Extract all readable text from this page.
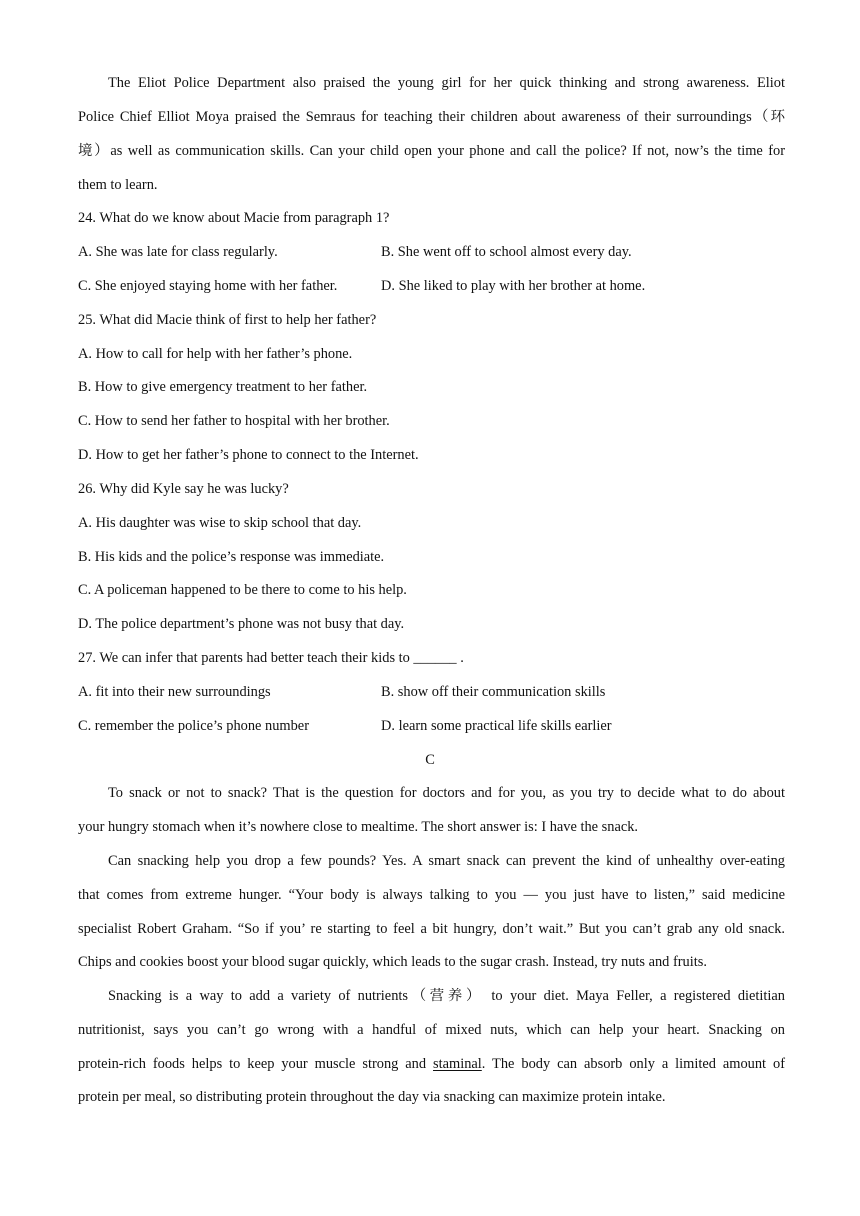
The Eliot Police Department also praised the young girl for her quick thinking and strong awareness. Eliot
Police Chief Elliot Moya praised the Semraus for teaching their children about awareness of their surroundings（环
境）as well as communication skills. Can your child open your phone and call the police? If not, now’s the time for
them to learn.
24. What do we know about Macie from paragraph 1?
A. She was late for class regularly.	B. She went off to school almost every day.
C. She enjoyed staying home with her father.	D. She liked to play with her brother at home.
25. What did Macie think of first to help her father?
A. How to call for help with her father’s phone.
B. How to give emergency treatment to her father.
C. How to send her father to hospital with her brother.
D. How to get her father’s phone to connect to the Internet.
26. Why did Kyle say he was lucky?
A. His daughter was wise to skip school that day.
B. His kids and the police’s response was immediate.
C. A policeman happened to be there to come to his help.
D. The police department’s phone was not busy that day.
27. We can infer that parents had better teach their kids to ______ .
A. fit into their new surroundings	B. show off their communication skills
C. remember the police’s phone number	D. learn some practical life skills earlier
C
To snack or not to snack? That is the question for doctors and for you, as you try to decide what to do about
your hungry stomach when it’s nowhere close to mealtime. The short answer is: I have the snack.
Can snacking help you drop a few pounds? Yes. A smart snack can prevent the kind of unhealthy over-eating
that comes from extreme hunger. “Your body is always talking to you — you just have to listen,” said medicine
specialist Robert Graham. “So if you’ re starting to feel a bit hungry, don’t wait.” But you can’t grab any old snack.
Chips and cookies boost your blood sugar quickly, which leads to the sugar crash. Instead, try nuts and fruits.
Snacking is a way to add a variety of nutrients（营养） to your diet. Maya Feller, a registered dietitian
nutritionist, says you can’t go wrong with a handful of mixed nuts, which can help your heart. Snacking on
protein-rich foods helps to keep your muscle strong and staminal. The body can absorb only a limited amount of
protein per meal, so distributing protein throughout the day via snacking can maximize protein intake.
